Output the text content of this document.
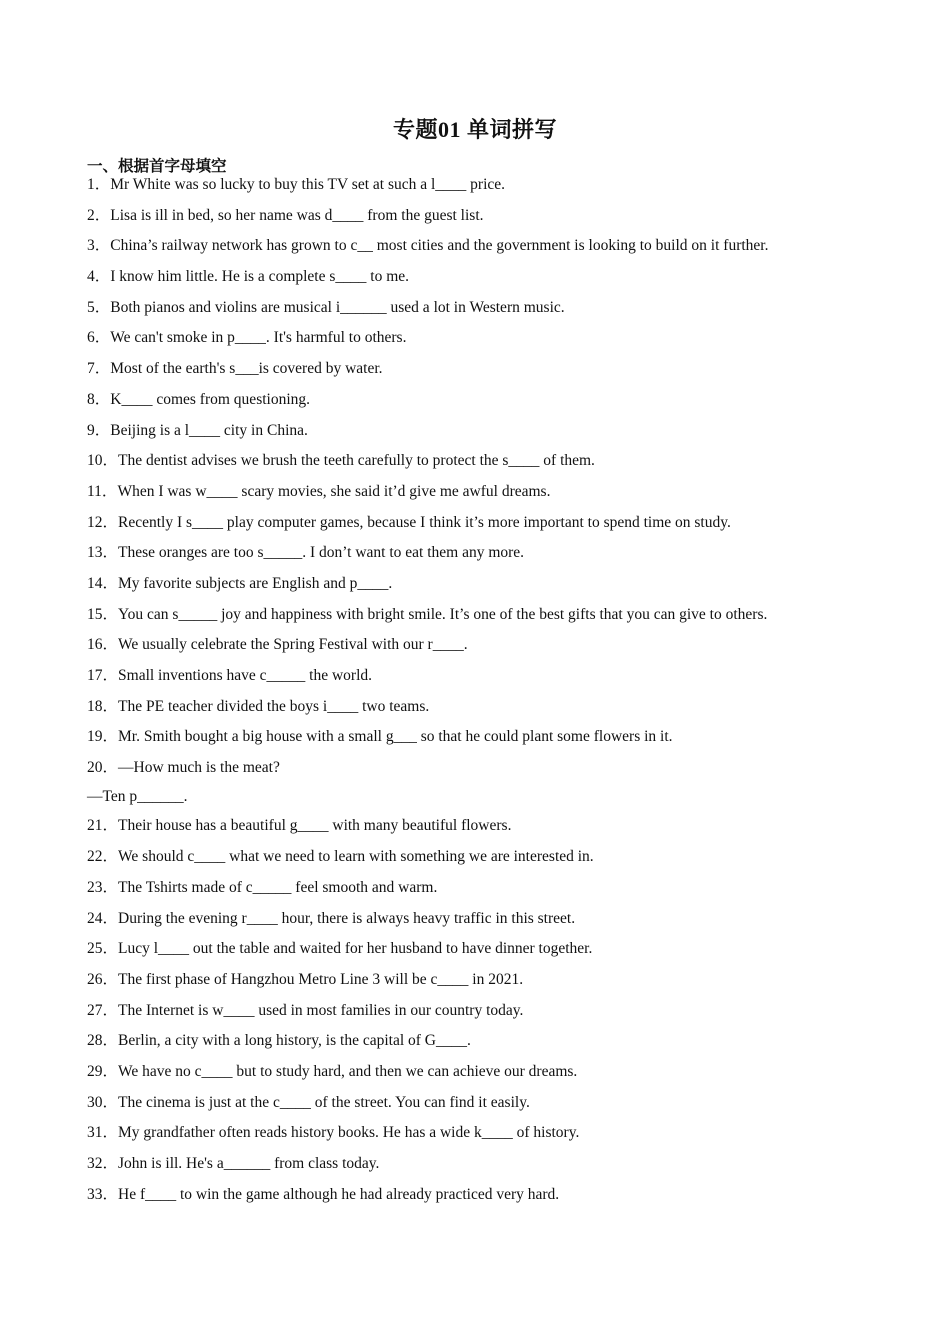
专题01 单词拼写
一、根据首字母填空
1．Mr White was so lucky to buy this TV set at such a l____ price.
2．Lisa is ill in bed, so her name was d____ from the guest list.
3．China’s railway network has grown to c__ most cities and the government is looking to build on it further.
4．I know him little. He is a complete s____ to me.
5．Both pianos and violins are musical i______ used a lot in Western music.
6．We can't smoke in p____. It's harmful to others.
7．Most of the earth's s___is covered by water.
8．K____ comes from questioning.
9．Beijing is a l____ city in China.
10．The dentist advises we brush the teeth carefully to protect the s____ of them.
11．When I was w____ scary movies, she said it’d give me awful dreams.
12．Recently I s____ play computer games, because I think it’s more important to spend time on study.
13．These oranges are too s_____. I don’t want to eat them any more.
14．My favorite subjects are English and p____.
15．You can s_____ joy and happiness with bright smile. It’s one of the best gifts that you can give to others.
16．We usually celebrate the Spring Festival with our r____.
17．Small inventions have c_____ the world.
18．The PE teacher divided the boys i____ two teams.
19．Mr. Smith bought a big house with a small g___ so that he could plant some flowers in it.
20．—How much is the meat?
—Ten p______.
21．Their house has a beautiful g____ with many beautiful flowers.
22．We should c____ what we need to learn with something we are interested in.
23．The Tshirts made of c_____ feel smooth and warm.
24．During the evening r____ hour, there is always heavy traffic in this street.
25．Lucy l____ out the table and waited for her husband to have dinner together.
26．The first phase of Hangzhou Metro Line 3 will be c____ in 2021.
27．The Internet is w____ used in most families in our country today.
28．Berlin, a city with a long history, is the capital of G____.
29．We have no c____ but to study hard, and then we can achieve our dreams.
30．The cinema is just at the c____ of the street. You can find it easily.
31．My grandfather often reads history books. He has a wide k____ of history.
32．John is ill. He's a______ from class today.
33．He f____ to win the game although he had already practiced very hard.
